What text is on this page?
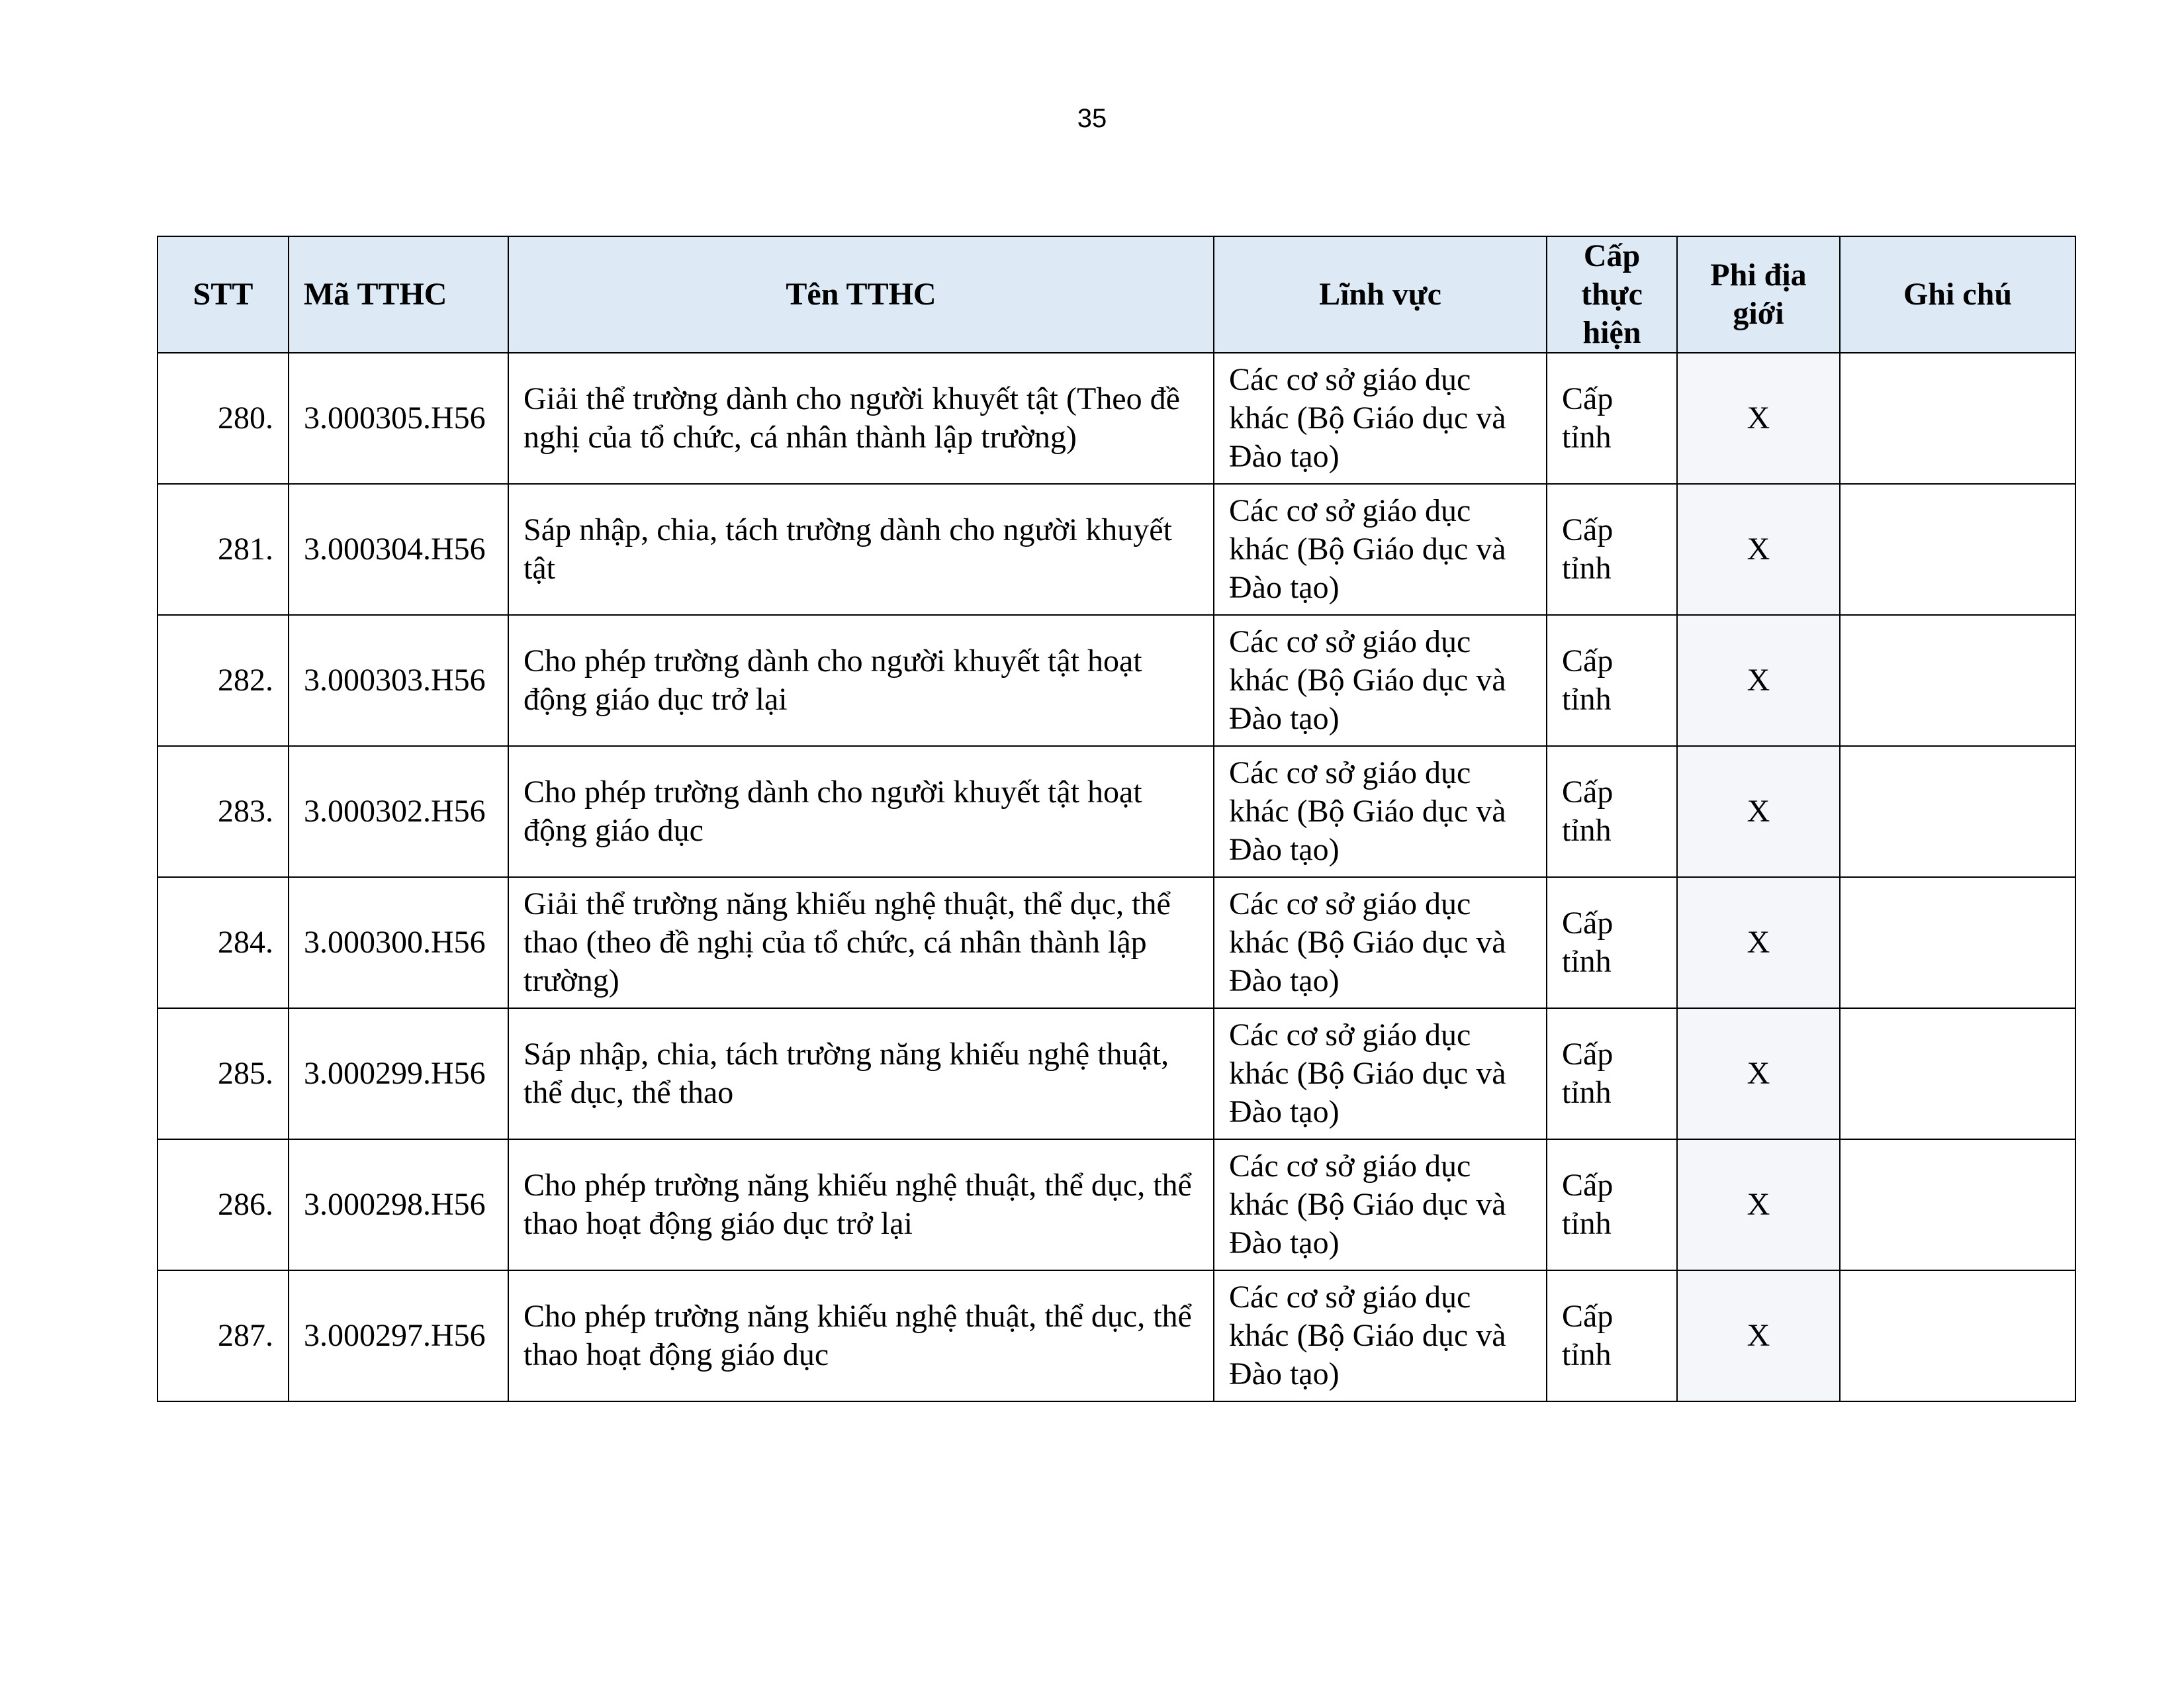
35
STT	Mã TTHC	Tên TTHC	Lĩnh vực	Cấp thực hiện	Phi địa giới	Ghi chú
280.	3.000305.H56	Giải thể trường dành cho người khuyết tật (Theo đề nghị của tổ chức, cá nhân thành lập trường)	Các cơ sở giáo dục khác (Bộ Giáo dục và Đào tạo)	Cấp tỉnh	X	
281.	3.000304.H56	Sáp nhập, chia, tách trường dành cho người khuyết tật	Các cơ sở giáo dục khác (Bộ Giáo dục và Đào tạo)	Cấp tỉnh	X	
282.	3.000303.H56	Cho phép trường dành cho người khuyết tật hoạt động giáo dục trở lại	Các cơ sở giáo dục khác (Bộ Giáo dục và Đào tạo)	Cấp tỉnh	X	
283.	3.000302.H56	Cho phép trường dành cho người khuyết tật hoạt động giáo dục	Các cơ sở giáo dục khác (Bộ Giáo dục và Đào tạo)	Cấp tỉnh	X	
284.	3.000300.H56	Giải thể trường năng khiếu nghệ thuật, thể dục, thể thao (theo đề nghị của tổ chức, cá nhân thành lập trường)	Các cơ sở giáo dục khác (Bộ Giáo dục và Đào tạo)	Cấp tỉnh	X	
285.	3.000299.H56	Sáp nhập, chia, tách trường năng khiếu nghệ thuật, thể dục, thể thao	Các cơ sở giáo dục khác (Bộ Giáo dục và Đào tạo)	Cấp tỉnh	X	
286.	3.000298.H56	Cho phép trường năng khiếu nghệ thuật, thể dục, thể thao hoạt động giáo dục trở lại	Các cơ sở giáo dục khác (Bộ Giáo dục và Đào tạo)	Cấp tỉnh	X	
287.	3.000297.H56	Cho phép trường năng khiếu nghệ thuật, thể dục, thể thao hoạt động giáo dục	Các cơ sở giáo dục khác (Bộ Giáo dục và Đào tạo)	Cấp tỉnh	X	
